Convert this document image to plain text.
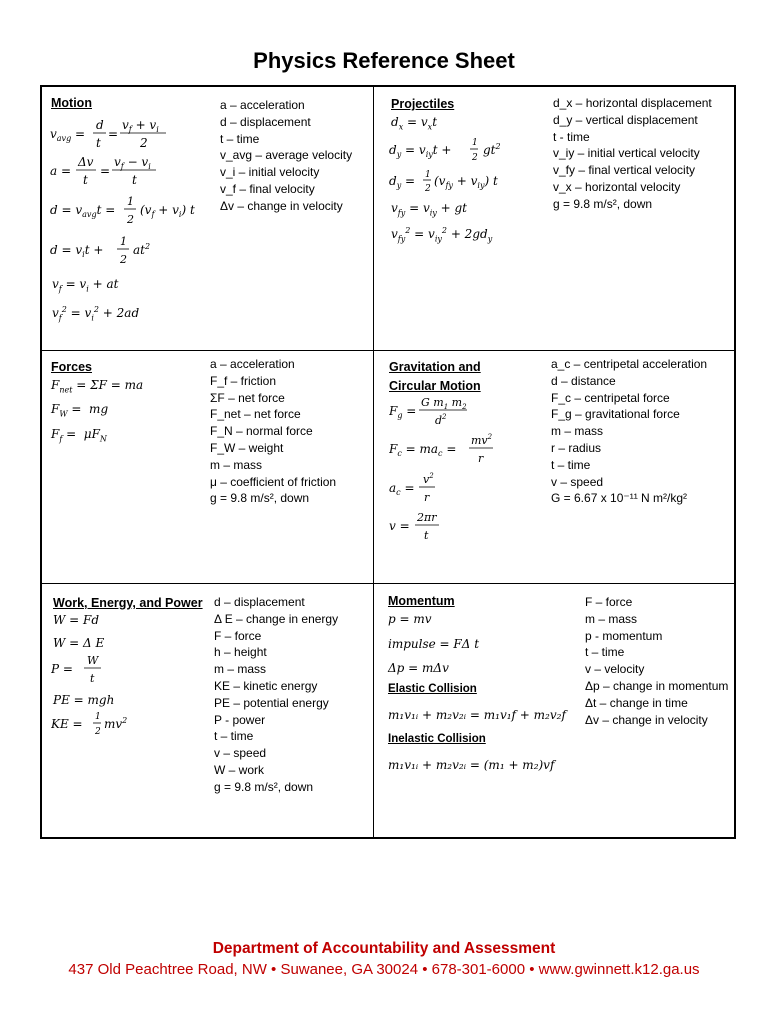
Physics Reference Sheet
Motion
$v_{avg}$ =
d
t
=
$v_f + v_i$
2
a =
Δv
t
=
$v_f - v_i$
t
$d = v_{avg}t$ =
1
2
$(v_f + v_i)$ t
$d = v_it$ +
1
2
$at^2$
$v_f = v_i$ + at
$v_f^2 = v_i^2 + 2ad$
a – acceleration
d – displacement
t – time
v_avg – average velocity
v_i – initial velocity
v_f – final velocity
Δv – change in velocity
Projectiles
$d_x = v_xt$
$d_y = v_{iy}t + 1$
2
$gt^2$
$d_y = 1$
2
$(v_{fy} + v_{iy})$ t
$v_{fy} = v_{iy}$ + gt
$v_{fy}^2 = v_{iy}^2 + 2gd_y$
d_x – horizontal displacement
d_y – vertical displacement
t - time
v_iy – initial vertical velocity
v_fy – final vertical velocity
v_x – horizontal velocity
g = 9.8 m/s², down
Forces
$F_{net} = \Sigma F$ = ma
$F_W$ =  mg
$F_f = \mu F_N$
a – acceleration
F_f – friction
ΣF – net force
F_net – net force
F_N – normal force
F_W – weight
m – mass
μ – coefficient of friction
g = 9.8 m/s², down
Gravitation and
Circular Motion
$F_g$ =
G $m_1$ $m_2$
$d^2$
$F_c = ma_c$ =
$mv^2$
r
$a_c$ =
$v^2$
r
v =
2πr
t
a_c – centripetal acceleration
d – distance
F_c – centripetal force
F_g – gravitational force
m – mass
r – radius
t – time
v – speed
G = 6.67 x 10⁻¹¹ N m²/kg²
Work, Energy, and Power
W = Fd
W = Δ E
P =
W
t
PE = mgh
KE = 1
2
$mv^2$
d – displacement
Δ E – change in energy
F – force
h – height
m – mass
KE – kinetic energy
PE – potential energy
P - power
t – time
v – speed
W – work
g = 9.8 m/s², down
Momentum
p = mv
impulse = FΔ t
Δp = mΔv
Elastic Collision
m₁v₁ᵢ + m₂v₂ᵢ = m₁v₁f + m₂v₂f
Inelastic Collision
m₁v₁ᵢ + m₂v₂ᵢ = (m₁ + m₂)vf
F – force
m – mass
p - momentum
t – time
v – velocity
Δp – change in momentum
Δt – change in time
Δv – change in velocity
Department of Accountability and Assessment
437 Old Peachtree Road, NW • Suwanee, GA 30024 • 678-301-6000 • www.gwinnett.k12.ga.us
